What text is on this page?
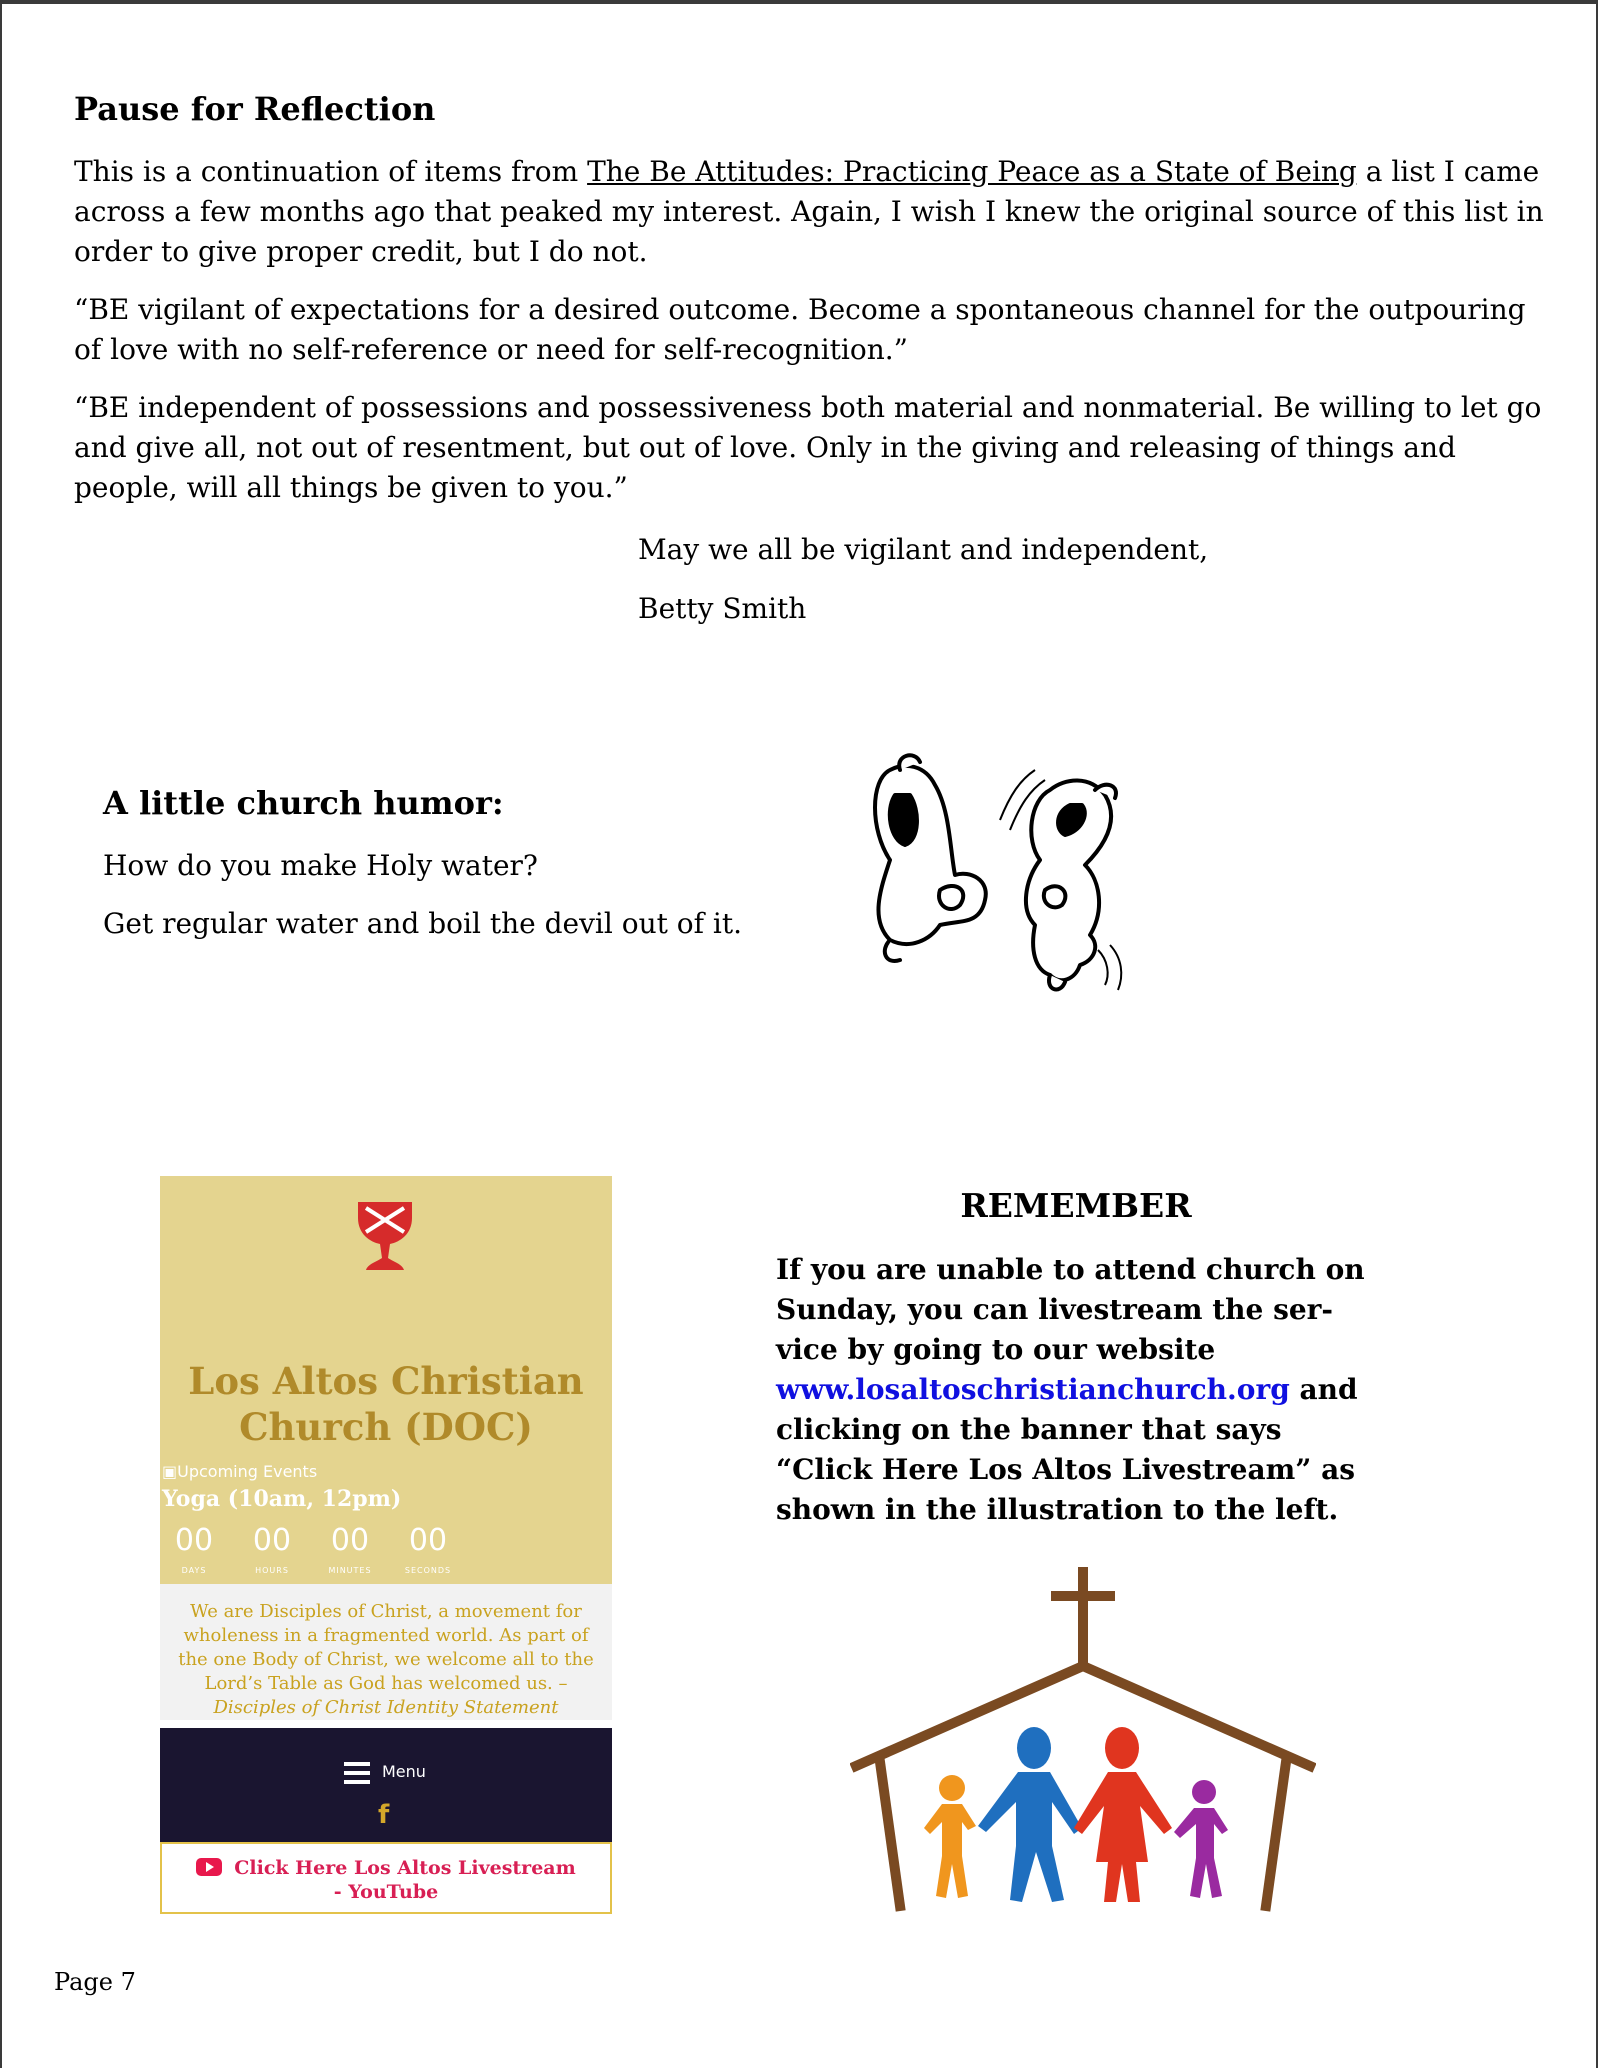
Pause for Reflection

This is a continuation of items from The Be Attitudes: Practicing Peace as a State of Being a list I came across a few months ago that peaked my interest. Again, I wish I knew the original source of this list in order to give proper credit, but I do not.

“BE vigilant of expectations for a desired outcome. Become a spontaneous channel for the outpouring of love with no self-reference or need for self-recognition.”

“BE independent of possessions and possessiveness both material and nonmaterial. Be willing to let go and give all, not out of resentment, but out of love. Only in the giving and releasing of things and people, will all things be given to you.”

May we all be vigilant and independent,
Betty Smith
A little church humor:
How do you make Holy water?
Get regular water and boil the devil out of it.
Los Altos Christian
Church (DOC)
▣Upcoming Events
Yoga (10am, 12pm)
00
DAYS
00
HOURS
00
MINUTES
00
SECONDS
We are Disciples of Christ, a movement for wholeness in a fragmented world. As part of the one Body of Christ, we welcome all to the Lord’s Table as God has welcomed us. – Disciples of Christ Identity Statement
Menu
f
Click Here Los Altos Livestream
- YouTube
REMEMBER
If you are unable to attend church on Sunday, you can livestream the ser-vice by going to our website www.losaltoschristianchurch.org and clicking on the banner that says “Click Here Los Altos Livestream” as shown in the illustration to the left.
Page 7
